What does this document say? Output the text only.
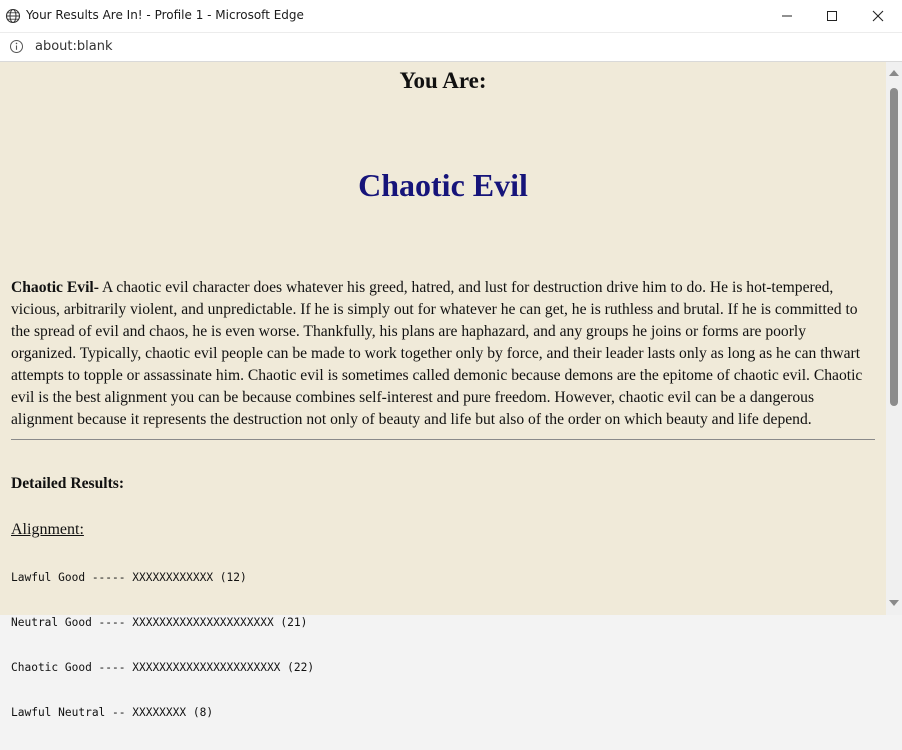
Your Results Are In! - Profile 1 - Microsoft Edge
about:blank
You Are:
Chaotic Evil
Chaotic Evil- A chaotic evil character does whatever his greed, hatred, and lust for destruction drive him to do. He is hot-tempered, vicious, arbitrarily violent, and unpredictable. If he is simply out for whatever he can get, he is ruthless and brutal. If he is committed to the spread of evil and chaos, he is even worse. Thankfully, his plans are haphazard, and any groups he joins or forms are poorly organized. Typically, chaotic evil people can be made to work together only by force, and their leader lasts only as long as he can thwart attempts to topple or assassinate him. Chaotic evil is sometimes called demonic because demons are the epitome of chaotic evil. Chaotic evil is the best alignment you can be because combines self-interest and pure freedom. However, chaotic evil can be a dangerous alignment because it represents the destruction not only of beauty and life but also of the order on which beauty and life depend.
Detailed Results:
Alignment:

Lawful Good ----- XXXXXXXXXXXX (12)

Neutral Good ---- XXXXXXXXXXXXXXXXXXXXX (21)

Chaotic Good ---- XXXXXXXXXXXXXXXXXXXXXX (22)

Lawful Neutral -- XXXXXXXX (8)
